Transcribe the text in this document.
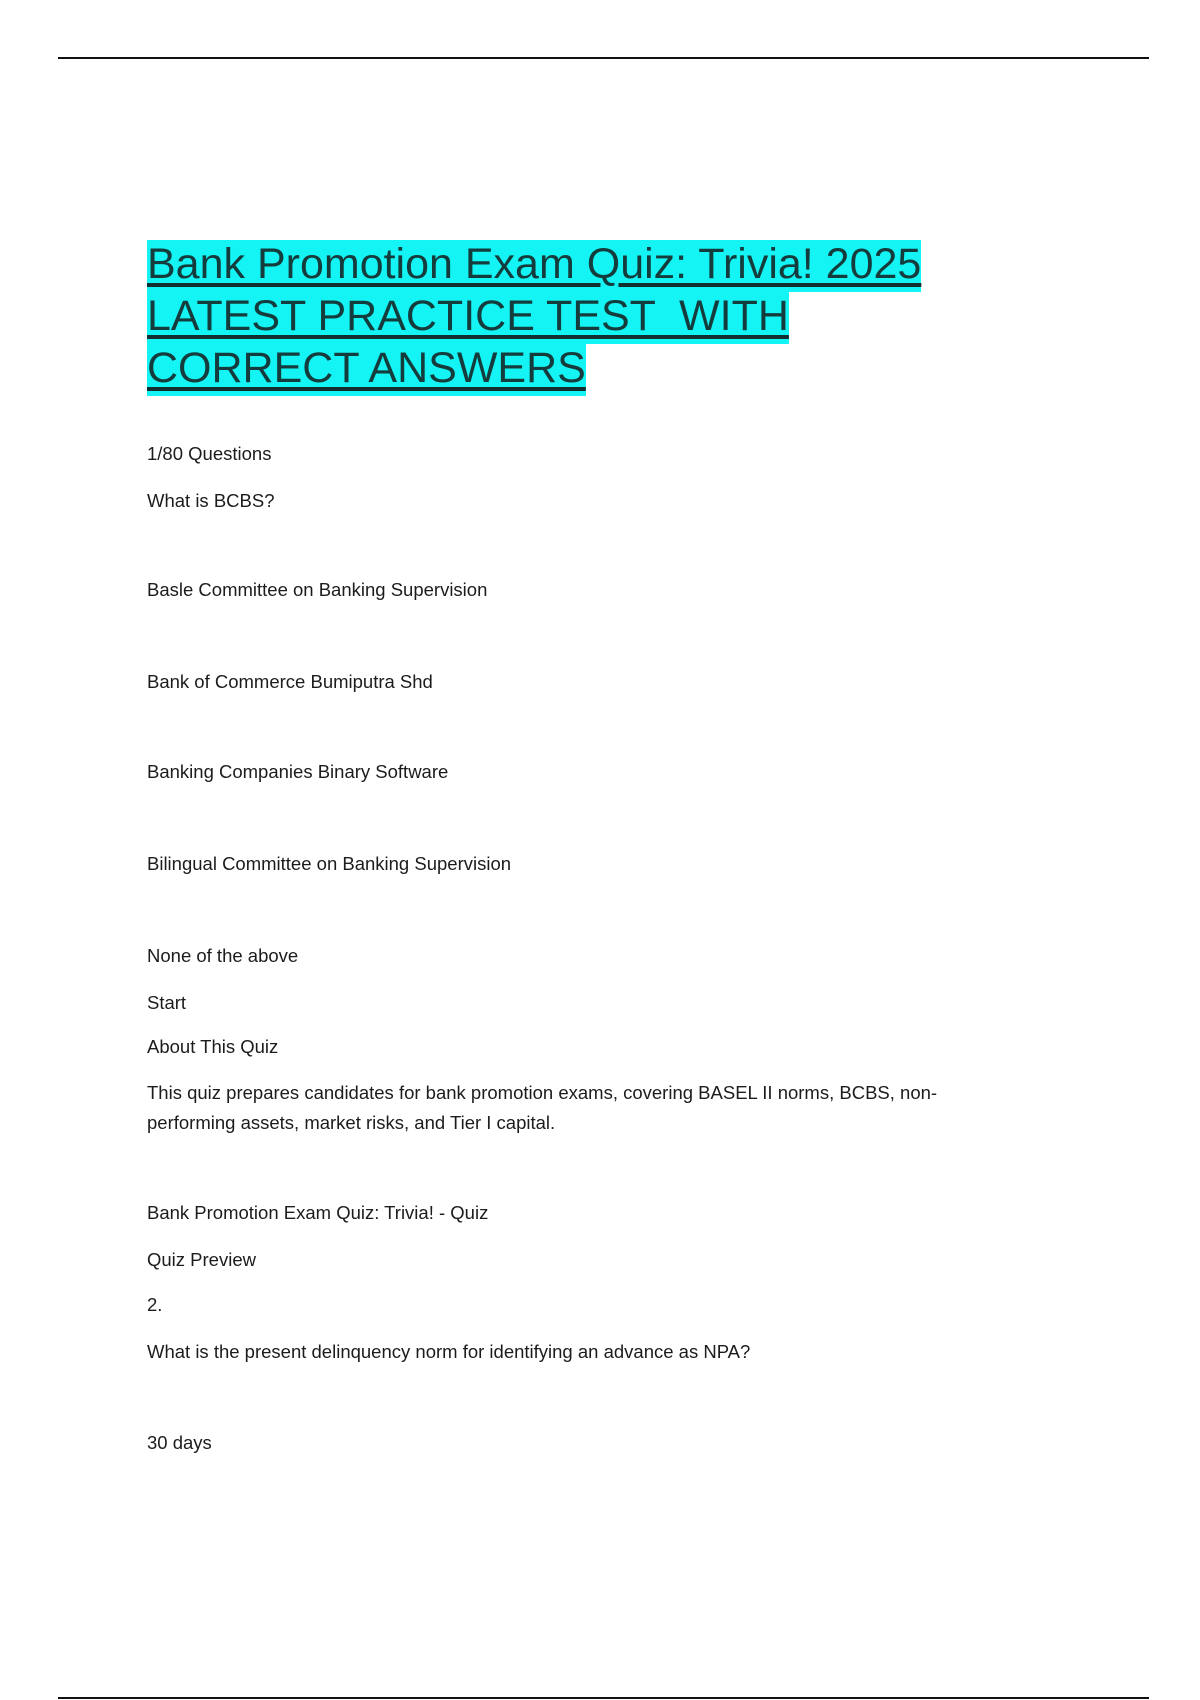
Bank Promotion Exam Quiz: Trivia! 2025
LATEST PRACTICE TEST  WITH
CORRECT ANSWERS
1/80 Questions
What is BCBS?
Basle Committee on Banking Supervision
Bank of Commerce Bumiputra Shd
Banking Companies Binary Software
Bilingual Committee on Banking Supervision
None of the above
Start
About This Quiz
This quiz prepares candidates for bank promotion exams, covering BASEL II norms, BCBS, non-performing assets, market risks, and Tier I capital.
Bank Promotion Exam Quiz: Trivia! - Quiz
Quiz Preview
2.
What is the present delinquency norm for identifying an advance as NPA?
30 days
